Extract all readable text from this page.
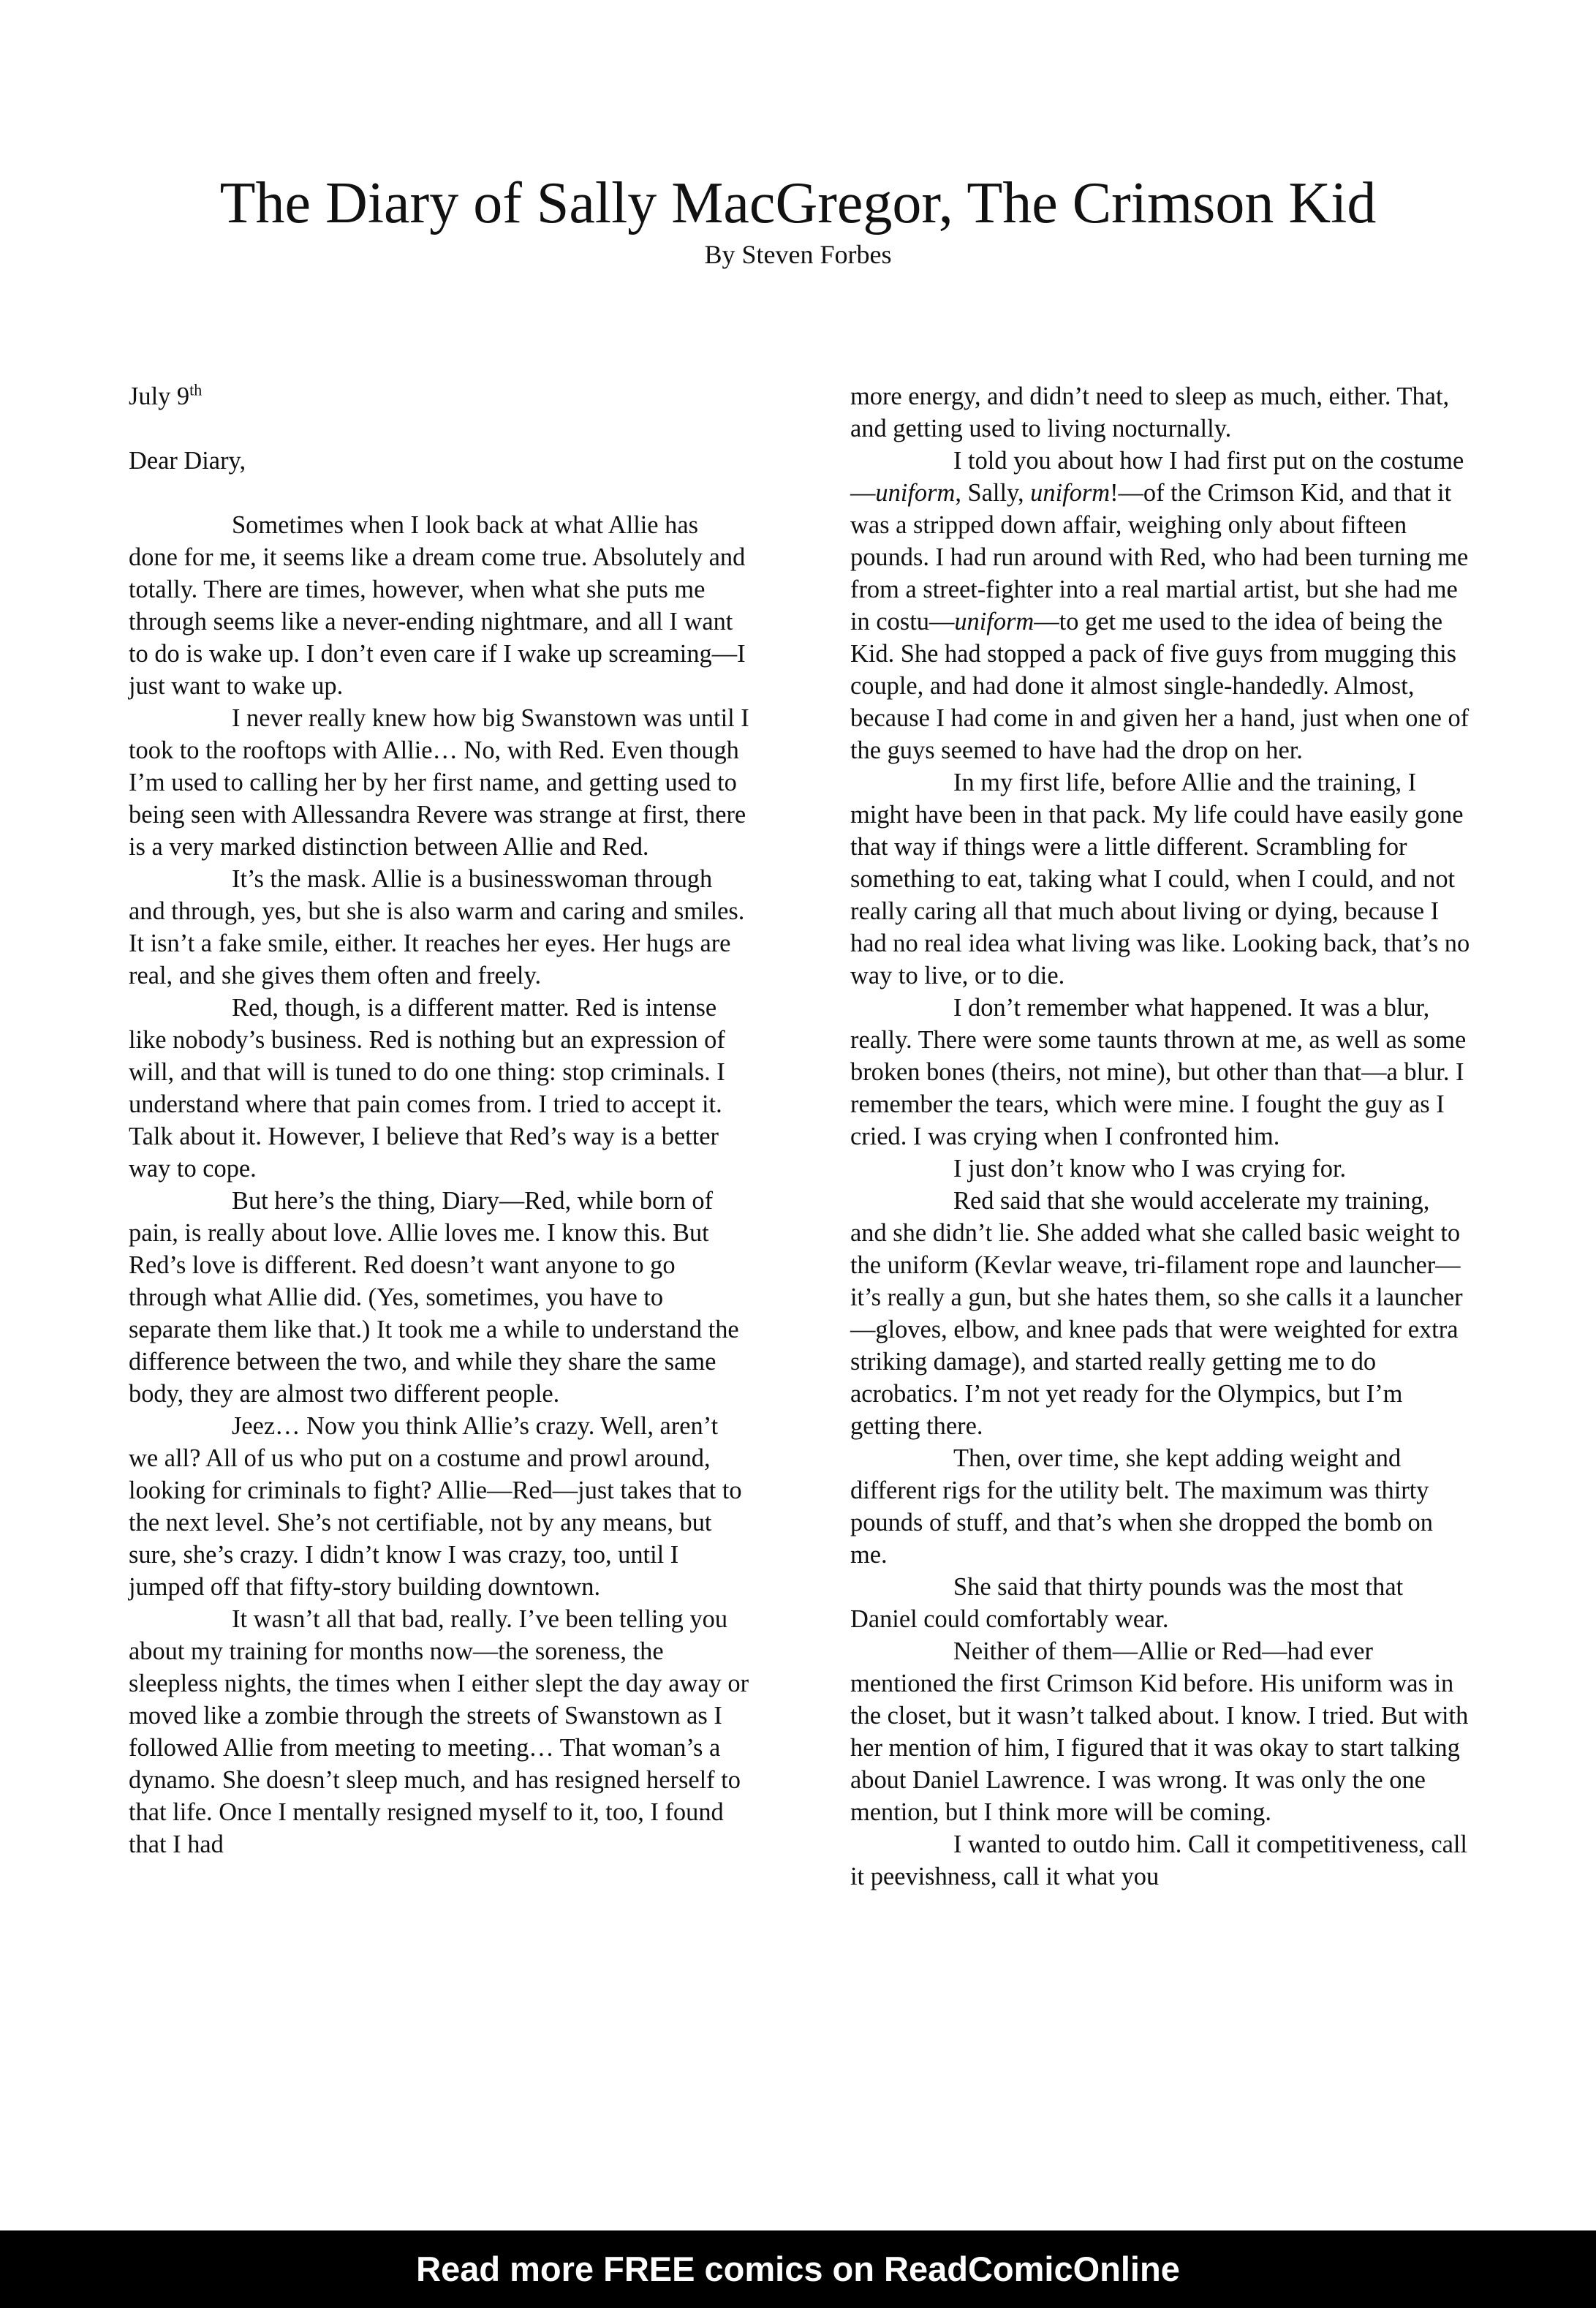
The Diary of Sally MacGregor, The Crimson Kid
By Steven Forbes

July 9th

Dear Diary,

Sometimes when I look back at what Allie has done for me, it seems like a dream come true. Absolutely and totally. There are times, however, when what she puts me through seems like a never-ending nightmare, and all I want to do is wake up. I don’t even care if I wake up screaming—I just want to wake up.

I never really knew how big Swanstown was until I took to the rooftops with Allie… No, with Red. Even though I’m used to calling her by her first name, and getting used to being seen with Allessandra Revere was strange at first, there is a very marked distinction between Allie and Red.

It’s the mask. Allie is a businesswoman through and through, yes, but she is also warm and caring and smiles. It isn’t a fake smile, either. It reaches her eyes. Her hugs are real, and she gives them often and freely.

Red, though, is a different matter. Red is intense like nobody’s business. Red is nothing but an expression of will, and that will is tuned to do one thing: stop criminals. I understand where that pain comes from. I tried to accept it. Talk about it. However, I believe that Red’s way is a better way to cope.

But here’s the thing, Diary—Red, while born of pain, is really about love. Allie loves me. I know this. But Red’s love is different. Red doesn’t want anyone to go through what Allie did. (Yes, sometimes, you have to separate them like that.) It took me a while to understand the difference between the two, and while they share the same body, they are almost two different people.

Jeez… Now you think Allie’s crazy. Well, aren’t we all? All of us who put on a costume and prowl around, looking for criminals to fight? Allie—Red—just takes that to the next level. She’s not certifiable, not by any means, but sure, she’s crazy. I didn’t know I was crazy, too, until I jumped off that fifty-story building downtown.

It wasn’t all that bad, really. I’ve been telling you about my training for months now—the soreness, the sleepless nights, the times when I either slept the day away or moved like a zombie through the streets of Swanstown as I followed Allie from meeting to meeting… That woman’s a dynamo. She doesn’t sleep much, and has resigned herself to that life. Once I mentally resigned myself to it, too, I found that I had

more energy, and didn’t need to sleep as much, either. That, and getting used to living nocturnally.

I told you about how I had first put on the costume—uniform, Sally, uniform!—of the Crimson Kid, and that it was a stripped down affair, weighing only about fifteen pounds. I had run around with Red, who had been turning me from a street-fighter into a real martial artist, but she had me in costu—uniform—to get me used to the idea of being the Kid. She had stopped a pack of five guys from mugging this couple, and had done it almost single-handedly. Almost, because I had come in and given her a hand, just when one of the guys seemed to have had the drop on her.

In my first life, before Allie and the training, I might have been in that pack. My life could have easily gone that way if things were a little different. Scrambling for something to eat, taking what I could, when I could, and not really caring all that much about living or dying, because I had no real idea what living was like. Looking back, that’s no way to live, or to die.

I don’t remember what happened. It was a blur, really. There were some taunts thrown at me, as well as some broken bones (theirs, not mine), but other than that—a blur. I remember the tears, which were mine. I fought the guy as I cried. I was crying when I confronted him.

I just don’t know who I was crying for.

Red said that she would accelerate my training, and she didn’t lie. She added what she called basic weight to the uniform (Kevlar weave, tri-filament rope and launcher—it’s really a gun, but she hates them, so she calls it a launcher—gloves, elbow, and knee pads that were weighted for extra striking damage), and started really getting me to do acrobatics. I’m not yet ready for the Olympics, but I’m getting there.

Then, over time, she kept adding weight and different rigs for the utility belt. The maximum was thirty pounds of stuff, and that’s when she dropped the bomb on me.

She said that thirty pounds was the most that Daniel could comfortably wear.

Neither of them—Allie or Red—had ever mentioned the first Crimson Kid before. His uniform was in the closet, but it wasn’t talked about. I know. I tried. But with her mention of him, I figured that it was okay to start talking about Daniel Lawrence. I was wrong. It was only the one mention, but I think more will be coming.

I wanted to outdo him. Call it competitiveness, call it peevishness, call it what you

Read more FREE comics on ReadComicOnline
